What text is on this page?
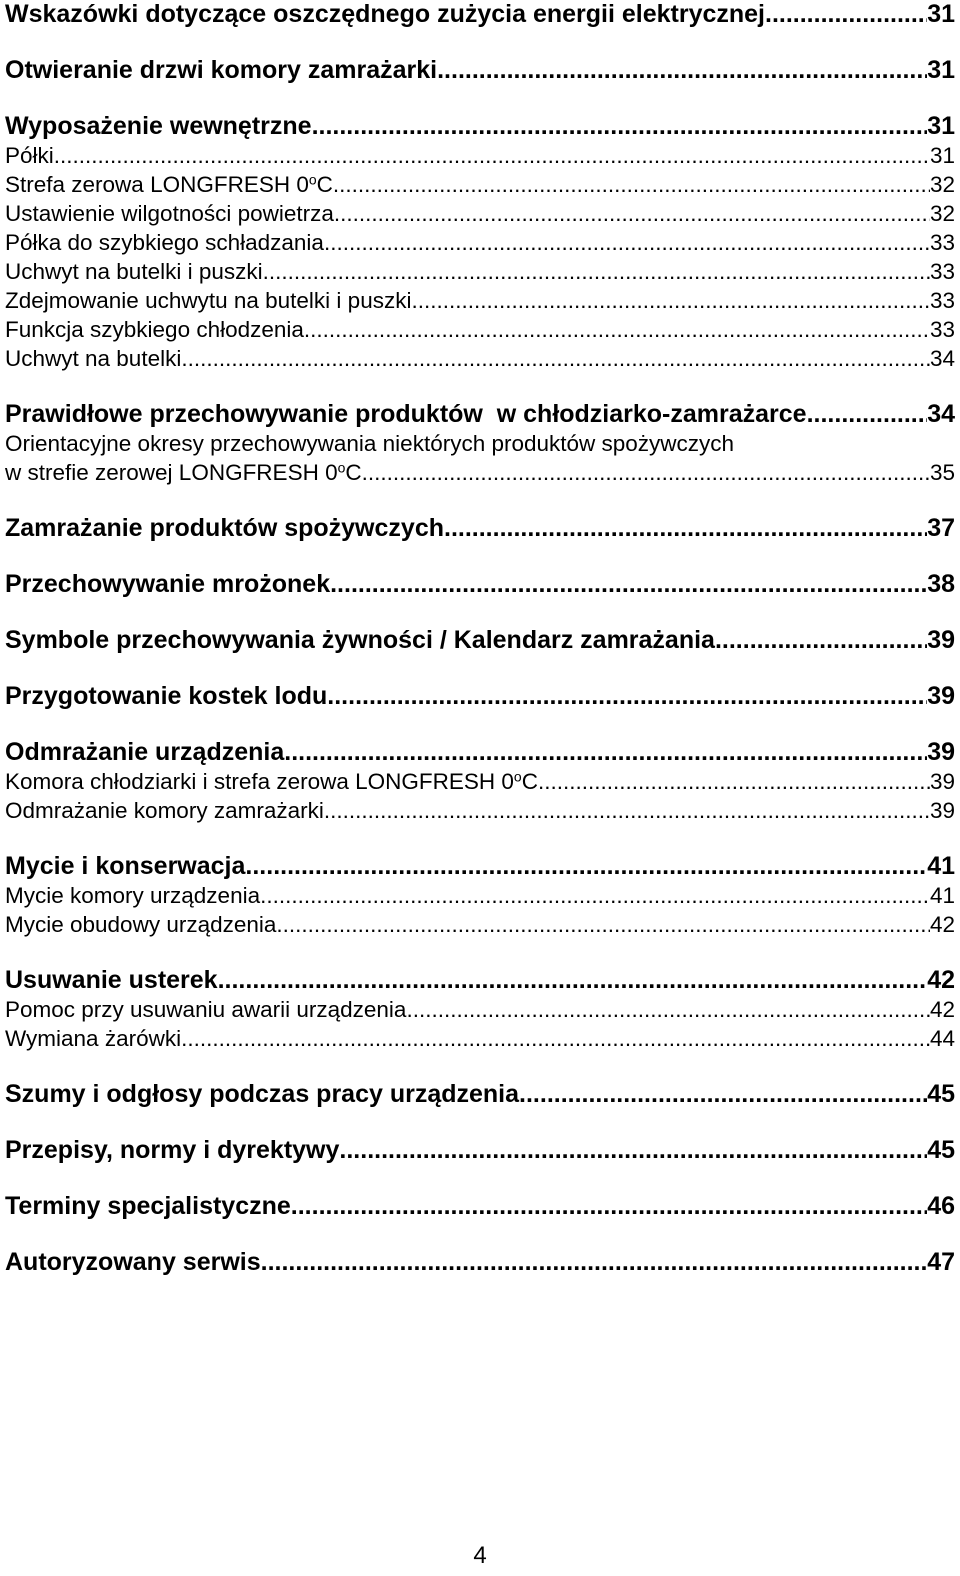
Wskazówki dotyczące oszczędnego zużycia energii elektrycznej .....	31
Otwieranie drzwi komory zamrażarki .....	31
Wyposażenie wewnętrzne .....	31
Półki .....	31
Strefa zerowa LONGFRESH 0$^o$C .....	32
Ustawienie wilgotności powietrza .....	32
Półka do szybkiego schładzania .....	33
Uchwyt na butelki i puszki .....	33
Zdejmowanie uchwytu na butelki i puszki .....	33
Funkcja szybkiego chłodzenia .....	33
Uchwyt na butelki .....	34
Prawidłowe przechowywanie produktów  w chłodziarko-zamrażarce .....	34
Orientacyjne okresy przechowywania niektórych produktów spożywczych
w strefie zerowej LONGFRESH 0$^o$C .....	35
Zamrażanie produktów spożywczych .....	37
Przechowywanie mrożonek .....	38
Symbole przechowywania żywności / Kalendarz zamrażania .....	39
Przygotowanie kostek lodu .....	39
Odmrażanie urządzenia .....	39
Komora chłodziarki i strefa zerowa LONGFRESH 0$^o$C .....	39
Odmrażanie komory zamrażarki .....	39
Mycie i konserwacja .....	41
Mycie komory urządzenia .....	41
Mycie obudowy urządzenia .....	42
Usuwanie usterek .....	42
Pomoc przy usuwaniu awarii urządzenia .....	42
Wymiana żarówki .....	44
Szumy i odgłosy podczas pracy urządzenia .....	45
Przepisy, normy i dyrektywy .....	45
Terminy specjalistyczne .....	46
Autoryzowany serwis .....	47
4
